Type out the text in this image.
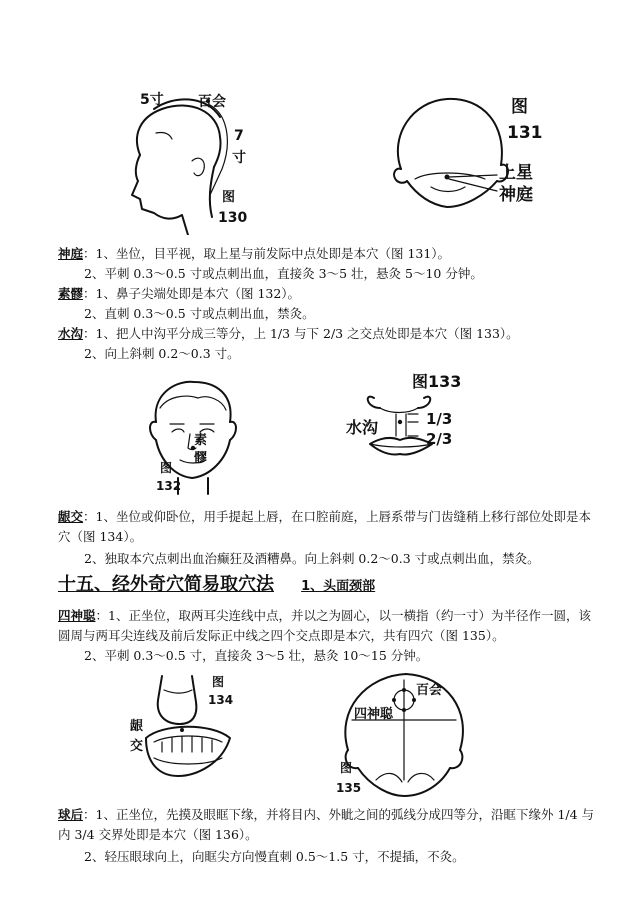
5寸 百会
7
寸
图
130
图
131
上星
神庭
神庭：1、坐位，目平视，取上星与前发际中点处即是本穴（图 131）。
2、平刺 0.3～0.5 寸或点刺出血，直接灸 3～5 壮，悬灸 5～10 分钟。
素髎：1、鼻子尖端处即是本穴（图 132）。
2、直刺 0.3～0.5 寸或点刺出血，禁灸。
水沟：1、把人中沟平分成三等分，上 1/3 与下 2/3 之交点处即是本穴（图 133）。
2、向上斜刺 0.2～0.3 寸。
素
髎
图
132
图133
水沟	1/3
2/3
龈交：1、坐位或仰卧位，用手提起上唇，在口腔前庭，上唇系带与门齿缝稍上移行部位处即是本穴（图 134）。
2、独取本穴点刺出血治癫狂及酒糟鼻。向上斜刺 0.2～0.3 寸或点刺出血，禁灸。
十五、经外奇穴简易取穴法 1、头面颈部
四神聪：1、正坐位，取两耳尖连线中点，并以之为圆心，以一横指（约一寸）为半径作一圆，该圆周与两耳尖连线及前后发际正中线之四个交点即是本穴，共有四穴（图 135）。
2、平刺 0.3～0.5 寸，直接灸 3～5 壮，悬灸 10～15 分钟。
图
134
龈
交
百会
四神聪
图
135
球后：1、正坐位，先摸及眼眶下缘，并将目内、外眦之间的弧线分成四等分，沿眶下缘外 1/4 与内 3/4 交界处即是本穴（图 136）。
2、轻压眼球向上，向眶尖方向慢直刺 0.5～1.5 寸，不提插，不灸。
